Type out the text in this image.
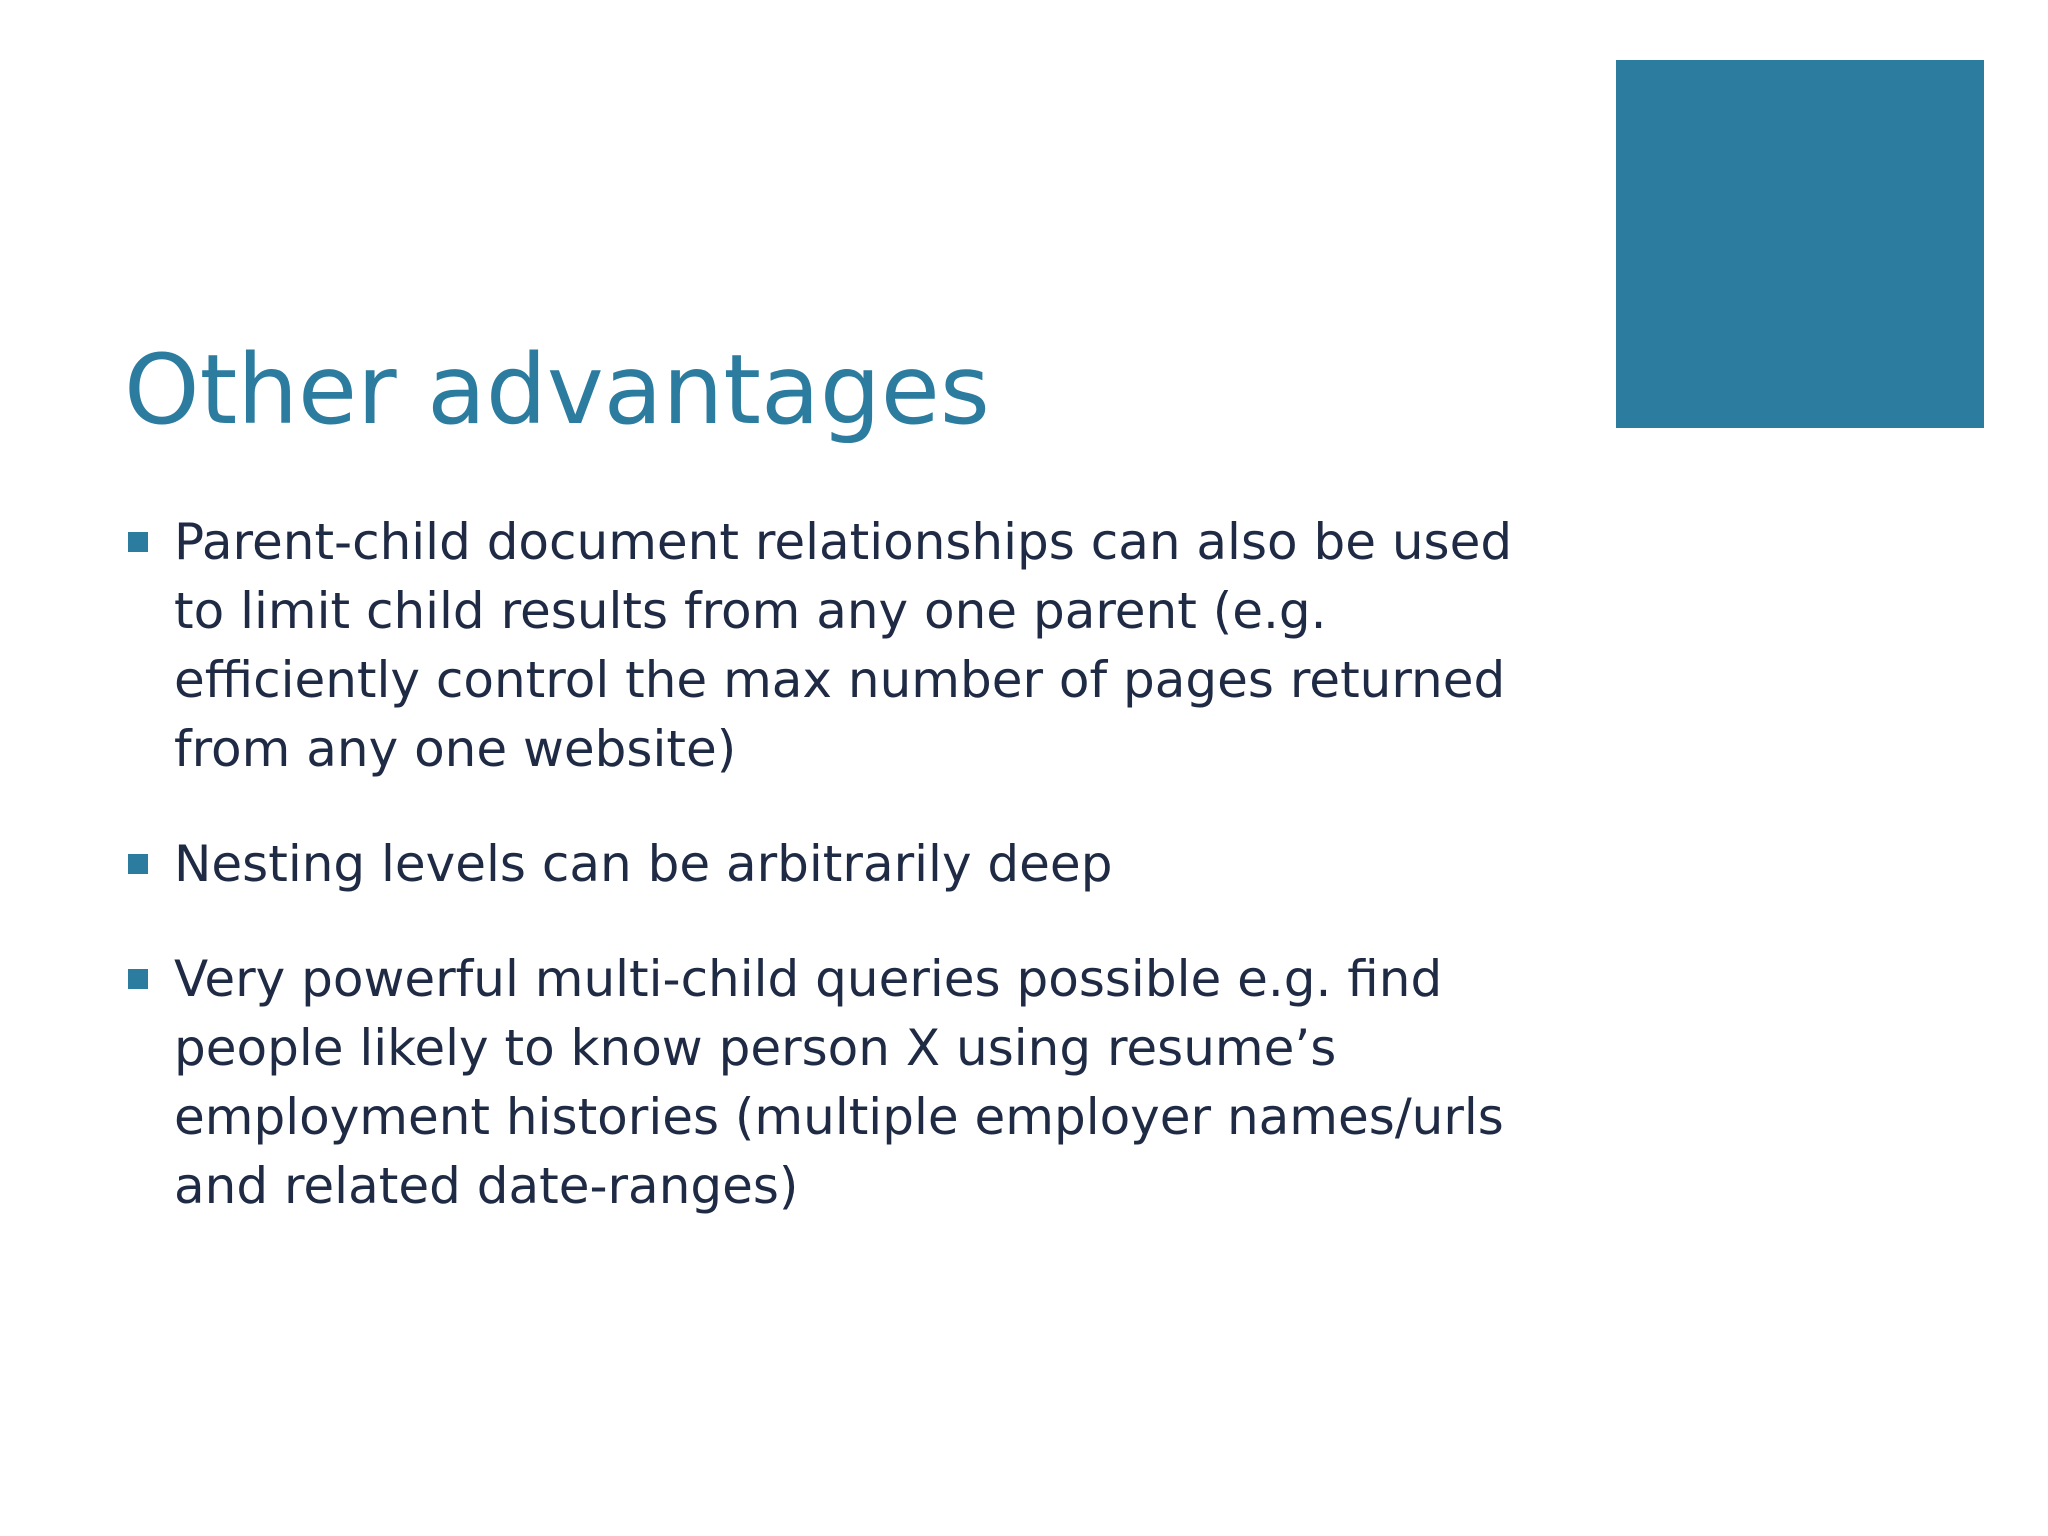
Other advantages
Parent-child document relationships can also be used to limit child results from any one parent (e.g. efficiently control the max number of pages returned from any one website)
Nesting levels can be arbitrarily deep
Very powerful multi-child queries possible e.g. find people likely to know person X using resume’s employment histories (multiple employer names/urls and related date-ranges)
